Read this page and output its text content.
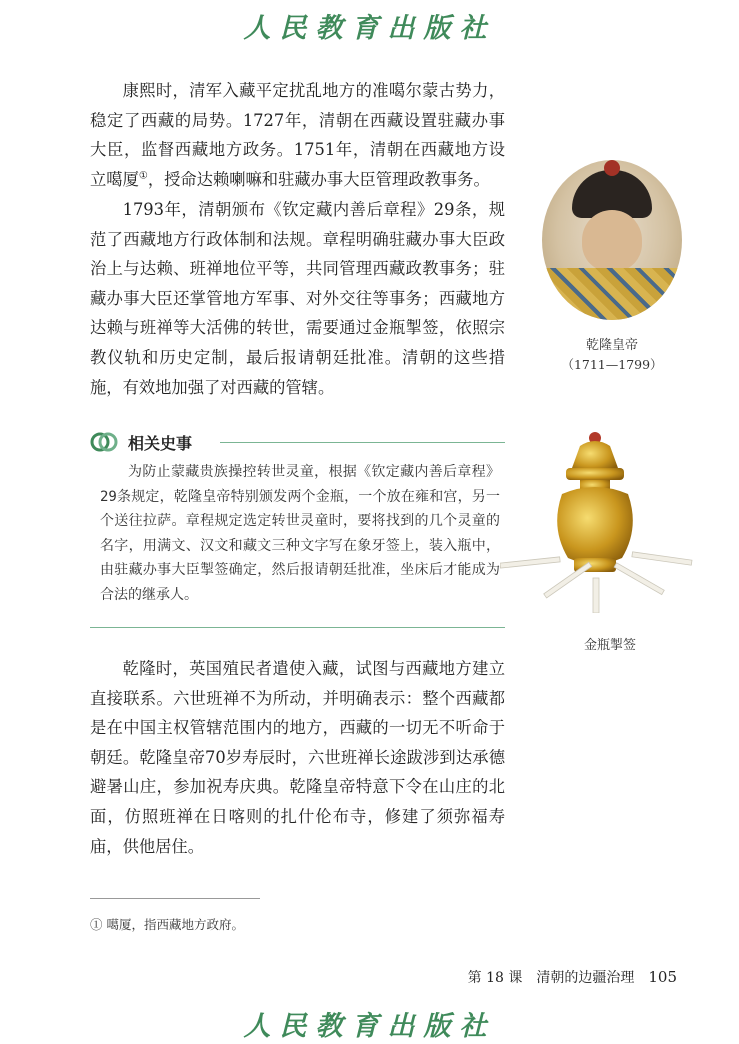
人民教育出版社

康熙时，清军入藏平定扰乱地方的准噶尔蒙古势力，稳定了西藏的局势。1727年，清朝在西藏设置驻藏办事大臣，监督西藏地方政务。1751年，清朝在西藏地方设立噶厦①，授命达赖喇嘛和驻藏办事大臣管理政教事务。

1793年，清朝颁布《钦定藏内善后章程》29条，规范了西藏地方行政体制和法规。章程明确驻藏办事大臣政治上与达赖、班禅地位平等，共同管理西藏政教事务；驻藏办事大臣还掌管地方军事、对外交往等事务；西藏地方达赖与班禅等大活佛的转世，需要通过金瓶掣签，依照宗教仪轨和历史定制，最后报请朝廷批准。清朝的这些措施，有效地加强了对西藏的管辖。

乾隆皇帝
（1711—1799）
相关史事

为防止蒙藏贵族操控转世灵童，根据《钦定藏内善后章程》29条规定，乾隆皇帝特别颁发两个金瓶，一个放在雍和宫，另一个送往拉萨。章程规定选定转世灵童时，要将找到的几个灵童的名字，用满文、汉文和藏文三种文字写在象牙签上，装入瓶中，由驻藏办事大臣掣签确定，然后报请朝廷批准，坐床后才能成为合法的继承人。

金瓶掣签

乾隆时，英国殖民者遣使入藏，试图与西藏地方建立直接联系。六世班禅不为所动，并明确表示：整个西藏都是在中国主权管辖范围内的地方，西藏的一切无不听命于朝廷。乾隆皇帝70岁寿辰时，六世班禅长途跋涉到达承德避暑山庄，参加祝寿庆典。乾隆皇帝特意下令在山庄的北面，仿照班禅在日喀则的扎什伦布寺，修建了须弥福寿庙，供他居住。

① 噶厦，指西藏地方政府。
第 18 课　清朝的边疆治理 105
人民教育出版社
